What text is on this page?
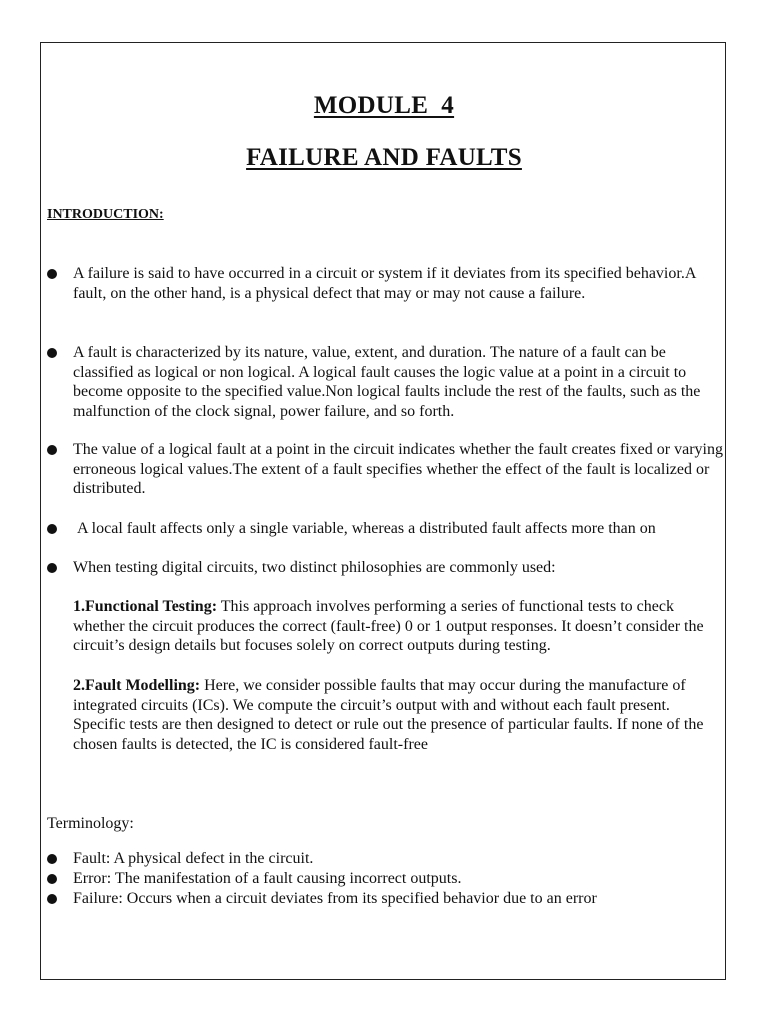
MODULE  4
FAILURE AND FAULTS
INTRODUCTION:
A failure is said to have occurred in a circuit or system if it deviates from its specified behavior.A fault, on the other hand, is a physical defect that may or may not cause a failure.
A fault is characterized by its nature, value, extent, and duration. The nature of a fault can be classified as logical or non logical. A logical fault causes the logic value at a point in a circuit to become opposite to the specified value.Non logical faults include the rest of the faults, such as the malfunction of the clock signal, power failure, and so forth.
The value of a logical fault at a point in the circuit indicates whether the fault creates fixed or varying erroneous logical values.The extent of a fault specifies whether the effect of the fault is localized or distributed.
A local fault affects only a single variable, whereas a distributed fault affects more than on
When testing digital circuits, two distinct philosophies are commonly used:
1.Functional Testing: This approach involves performing a series of functional tests to check whether the circuit produces the correct (fault-free) 0 or 1 output responses. It doesn’t consider the circuit’s design details but focuses solely on correct outputs during testing.
2.Fault Modelling: Here, we consider possible faults that may occur during the manufacture of integrated circuits (ICs). We compute the circuit’s output with and without each fault present. Specific tests are then designed to detect or rule out the presence of particular faults. If none of the chosen faults is detected, the IC is considered fault-free
Terminology:
Fault: A physical defect in the circuit.
Error: The manifestation of a fault causing incorrect outputs.
Failure: Occurs when a circuit deviates from its specified behavior due to an error
